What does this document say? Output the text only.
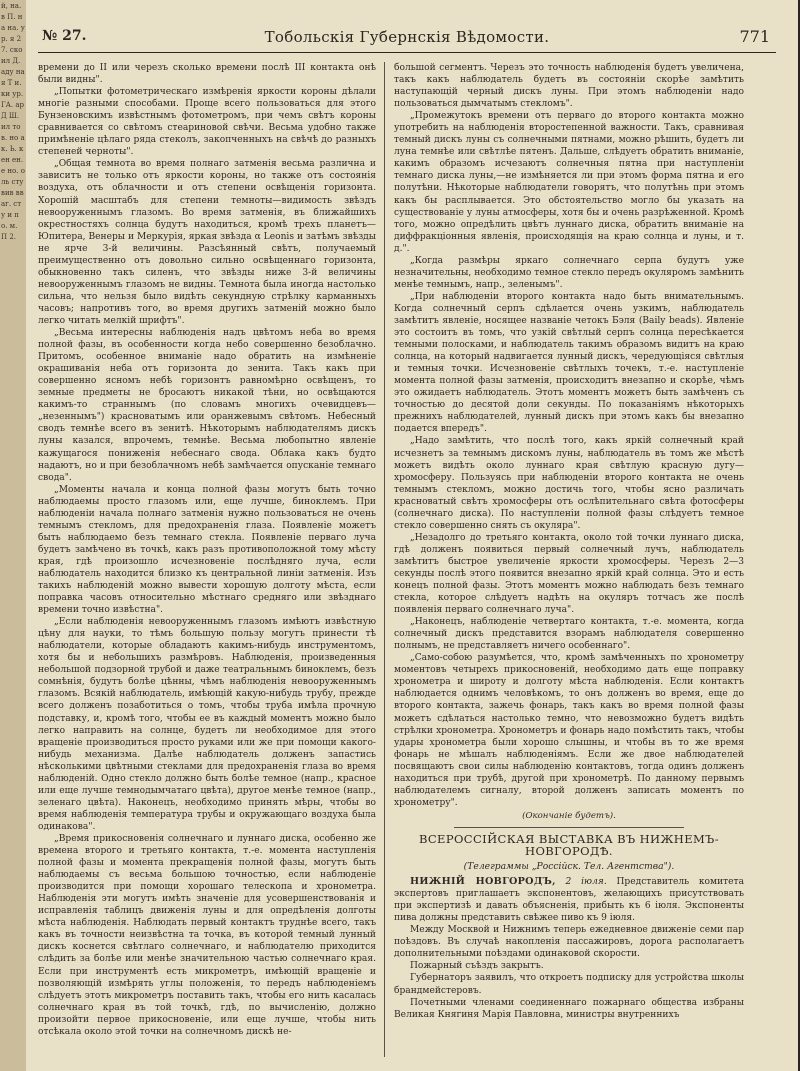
й, на. в П. на на. ур. я 27. ско ил Д. аду на я Т и. ки ур. ГА. ар Д Ш. ил тов. но ак. Ь. кен ен. е но. оль сту вив вв аг. сту и по. м. П 2.
№ 27.	Тобольскiя Губернскiя Вѣдомости.	771

времени до II или черезъ сколько времени послѣ III контакта онѣ были видны".

„Попытки фотометрическаго измѣренiя яркости короны дѣлали многiе разными способами. Проще всего пользоваться для этого Бунзеновскимъ извѣстнымъ фотометромъ, при чемъ свѣтъ короны сравнивается со свѣтомъ стеариновой свѣчи. Весьма удобно также примѣненiе цѣлаго ряда стеколъ, закопченныхъ на свѣчѣ до разныхъ степеней черноты".

„Общая темнота во время полнаго затменiя весьма различна и зависитъ не только отъ яркости короны, но также отъ состоянiя воздуха, отъ облачности и отъ степени освѣщенiя горизонта. Хорошiй масштабъ для степени темноты—видимость звѣздъ невооруженнымъ глазомъ. Во время затменiя, въ ближайшихъ окрестностяхъ солнца будутъ находиться, кромѣ трехъ планетъ—Юпитера, Венеры и Меркурiя, яркая звѣзда α Leonis и затѣмъ звѣзды не ярче 3-й величины. Разсѣянный свѣтъ, получаемый преимущественно отъ довольно сильно освѣщеннаго горизонта, обыкновенно такъ силенъ, что звѣзды ниже 3-й величины невооруженнымъ глазомъ не видны. Темнота была иногда настолько сильна, что нельзя было видѣть секундную стрѣлку карманныхъ часовъ; напротивъ того, во время другихъ затменiй можно было легко читать мелкiй шрифтъ".

„Весьма интересны наблюденiя надъ цвѣтомъ неба во время полной фазы, въ особенности когда небо совершенно безоблачно. Притомъ, особенное вниманiе надо обратить на измѣненiе окрашиванiя неба отъ горизонта до зенита. Такъ какъ при совершенно ясномъ небѣ горизонтъ равномѣрно освѣщенъ, то земные предметы не бросаютъ никакой тѣни, но освѣщаются какимъ-то страннымъ (по словамъ многихъ очевидцевъ—„незеннымъ") красноватымъ или оранжевымъ свѣтомъ. Небесный сводъ темнѣе всего въ зенитѣ. Нѣкоторымъ наблюдателямъ дискъ луны казался, впрочемъ, темнѣе. Весьма любопытно явленiе кажущагося пониженiя небеснаго свода. Облака какъ будто надаютъ, но и при безоблачномъ небѣ замѣчается опусканiе темнаго свода".

„Моменты начала и конца полной фазы могутъ быть точно наблюдаемы просто глазомъ или, еще лучше, биноклемъ. При наблюденiи начала полнаго затменiя нужно пользоваться не очень темнымъ стекломъ, для предохраненiя глаза. Появленiе можетъ быть наблюдаемо безъ темнаго стекла. Появленiе перваго луча будетъ замѣчено въ точкѣ, какъ разъ противоположной тому мѣсту края, гдѣ произошло исчезновенiе послѣдняго луча, если наблюдатель находится близко къ центральной линiи затменiя. Изъ такихъ наблюденiй можно вывести хорошую долготу мѣста, если поправка часовъ относительно мѣстнаго средняго или звѣзднаго времени точно извѣстна".

„Если наблюденiя невооруженнымъ глазомъ имѣютъ извѣстную цѣну для науки, то тѣмъ большую пользу могутъ принести тѣ наблюдатели, которые обладаютъ какимъ-нибудь инструментомъ, хотя бы и небольшихъ размѣровъ. Наблюденiя, произведенныя небольшой подзорной трубой и даже театральнымъ биноклемъ, безъ сомнѣнiя, будутъ болѣе цѣнны, чѣмъ наблюденiя невооруженнымъ глазомъ. Всякiй наблюдатель, имѣющiй какую-нибудь трубу, прежде всего долженъ позаботиться о томъ, чтобы труба имѣла прочную подставку, и, кромѣ того, чтобы ее въ каждый моментъ можно было легко направить на солнце, будетъ ли необходимое для этого вращенiе производиться просто руками или же при помощи какого-нибудь механизма. Далѣе наблюдатель долженъ запастись нѣсколькими цвѣтными стеклами для предохраненiя глаза во время наблюденiй. Одно стекло должно быть болѣе темное (напр., красное или еще лучше темнодымчатаго цвѣта), другое менѣе темное (напр., зеленаго цвѣта). Наконецъ, необходимо принять мѣры, чтобы во время наблюденiя температура трубы и окружающаго воздуха была одинакова".

„Время прикосновенiя солнечнаго и луннаго диска, особенно же времена второго и третьяго контакта, т.-е. момента наступленiя полной фазы и момента прекращенiя полной фазы, могутъ быть наблюдаемы съ весьма большою точностью, если наблюденiе производится при помощи хорошаго телескопа и хронометра. Наблюденiя эти могутъ имѣть значенiе для усовершенствованiя и исправленiя таблицъ движенiя луны и для опредѣленiя долготы мѣста наблюденiя. Наблюдать первый контактъ труднѣе всего, такъ какъ въ точности неизвѣстна та точка, въ которой темный лунный дискъ коснется свѣтлаго солнечнаго, и наблюдателю приходится слѣдить за болѣе или менѣе значительною частью солнечнаго края. Если при инструментѣ есть микрометръ, имѣющiй вращенiе и позволяющiй измѣрять углы положенiя, то передъ наблюденiемъ слѣдуетъ этотъ микрометръ поставить такъ, чтобы его нить касалась солнечнаго края въ той точкѣ, гдѣ, по вычисленiю, должно произойти первое прикосновенiе, или еще лучше, чтобы нить отсѣкала около этой точки на солнечномъ дискѣ не-

большой сегментъ. Черезъ это точность наблюденiя будетъ увеличена, такъ какъ наблюдатель будетъ въ состоянiи скорѣе замѣтить наступающiй черный дискъ луны. При этомъ наблюденiи надо пользоваться дымчатымъ стекломъ".

„Промежутокъ времени отъ перваго до второго контакта можно употребить на наблюденiя второстепенной важности. Такъ, сравнивая темный дискъ луны съ солнечными пятнами, можно рѣшить, будетъ ли луна темнѣе или свѣтлѣе пятенъ. Дальше, слѣдуетъ обратить вниманiе, какимъ образомъ исчезаютъ солнечныя пятна при наступленiи темнаго диска луны,—не измѣняется ли при этомъ форма пятна и его полутѣни. Нѣкоторые наблюдатели говорятъ, что полутѣнь при этомъ какъ бы расплывается. Это обстоятельство могло бы указать на существованiе у луны атмосферы, хотя бы и очень разрѣженной. Кромѣ того, можно опредѣлить цвѣтъ луннаго диска, обратить вниманiе на диффракцiонныя явленiя, происходящiя на краю солнца и луны, и т. д.".

„Когда размѣры яркаго солнечнаго серпа будутъ уже незначительны, необходимо темное стекло передъ окуляромъ замѣнить менѣе темнымъ, напр., зеленымъ".

„При наблюденiи второго контакта надо быть внимательнымъ. Когда солнечный серпъ сдѣлается очень узкимъ, наблюдатель замѣтитъ явленiе, носящее названiе четокъ Бэля (Baily beads). Явленiе это состоитъ въ томъ, что узкiй свѣтлый серпъ солнца пересѣкается темными полосками, и наблюдатель такимъ образомъ видитъ на краю солнца, на который надвигается лунный дискъ, чередующiяся свѣтлыя и темныя точки. Исчезновенiе свѣтлыхъ точекъ, т.-е. наступленiе момента полной фазы затменiя, происходитъ внезапно и скорѣе, чѣмъ это ожидаетъ наблюдатель. Этотъ моментъ можетъ быть замѣченъ съ точностью до десятой доли секунды. По показанiямъ нѣкоторыхъ прежнихъ наблюдателей, лунный дискъ при этомъ какъ бы внезапно подается впередъ".

„Надо замѣтить, что послѣ того, какъ яркiй солнечный край исчезнетъ за темнымъ дискомъ луны, наблюдатель въ томъ же мѣстѣ можетъ видѣть около луннаго края свѣтлую красную дугу—хромосферу. Пользуясь при наблюденiи второго контакта не очень темнымъ стекломъ, можно достичь того, чтобы ясно различать красноватый свѣтъ хромосферы отъ ослѣпительнаго свѣта фотосферы (солнечнаго диска). По наступленiи полной фазы слѣдуетъ темное стекло совершенно снять съ окуляра".

„Незадолго до третьяго контакта, около той точки луннаго диска, гдѣ долженъ появиться первый солнечный лучъ, наблюдатель замѣтитъ быстрое увеличенiе яркости хромосферы. Черезъ 2—3 секунды послѣ этого появится внезапно яркiй край солнца. Это и есть конецъ полной фазы. Этотъ моментъ можно наблюдать безъ темнаго стекла, которое слѣдуетъ надѣть на окуляръ тотчасъ же послѣ появленiя перваго солнечнаго луча".

„Наконецъ, наблюденiе четвертаго контакта, т.-е. момента, когда солнечный дискъ представится взорамъ наблюдателя совершенно полнымъ, не представляетъ ничего особеннаго".

„Само-собою разумѣется, что, кромѣ замѣченныхъ по хронометру моментовъ четырехъ прикосновенiй, необходимо дать еще поправку хронометра и широту и долготу мѣста наблюденiя. Если контактъ наблюдается однимъ человѣкомъ, то онъ долженъ во время, еще до второго контакта, зажечь фонарь, такъ какъ во время полной фазы можетъ сдѣлаться настолько темно, что невозможно будетъ видѣть стрѣлки хронометра. Хронометръ и фонарь надо помѣстить такъ, чтобы удары хронометра были хорошо слышны, и чтобы въ то же время фонарь не мѣшалъ наблюденiямъ. Если же двое наблюдателей посвящаютъ свои силы наблюденiю контактовъ, тогда одинъ долженъ находиться при трубѣ, другой при хронометрѣ. По данному первымъ наблюдателемъ сигналу, второй долженъ записать моментъ по хронометру".

(Окончанiе будетъ).

ВСЕРОССIЙСКАЯ ВЫСТАВКА ВЪ НИЖНЕМЪ-НОВГОРОДѢ.

(Телеграммы „Россiйск. Тел. Агентства").

НИЖНIЙ НОВГОРОДЪ, 2 iюля. Представитель комитета экспертовъ приглашаетъ экспонентовъ, желающихъ присутствовать при экспертизѣ и давать объясненiя, прибыть къ 6 iюля. Экспоненты пива должны представить свѣжее пиво къ 9 iюля.

Между Москвой и Нижнимъ теперь ежедневное движенiе семи пар поѣздовъ. Въ случаѣ накопленiя пассажировъ, дорога располагаетъ дополнительными поѣздами одинаковой скорости.

Пожарный съѣздъ закрытъ.

Губернаторъ заявилъ, что откроетъ подписку для устройства школы брандмейстеровъ.

Почетными членами соединеннаго пожарнаго общества избраны Великая Княгиня Марiя Павловна, министры внутреннихъ
